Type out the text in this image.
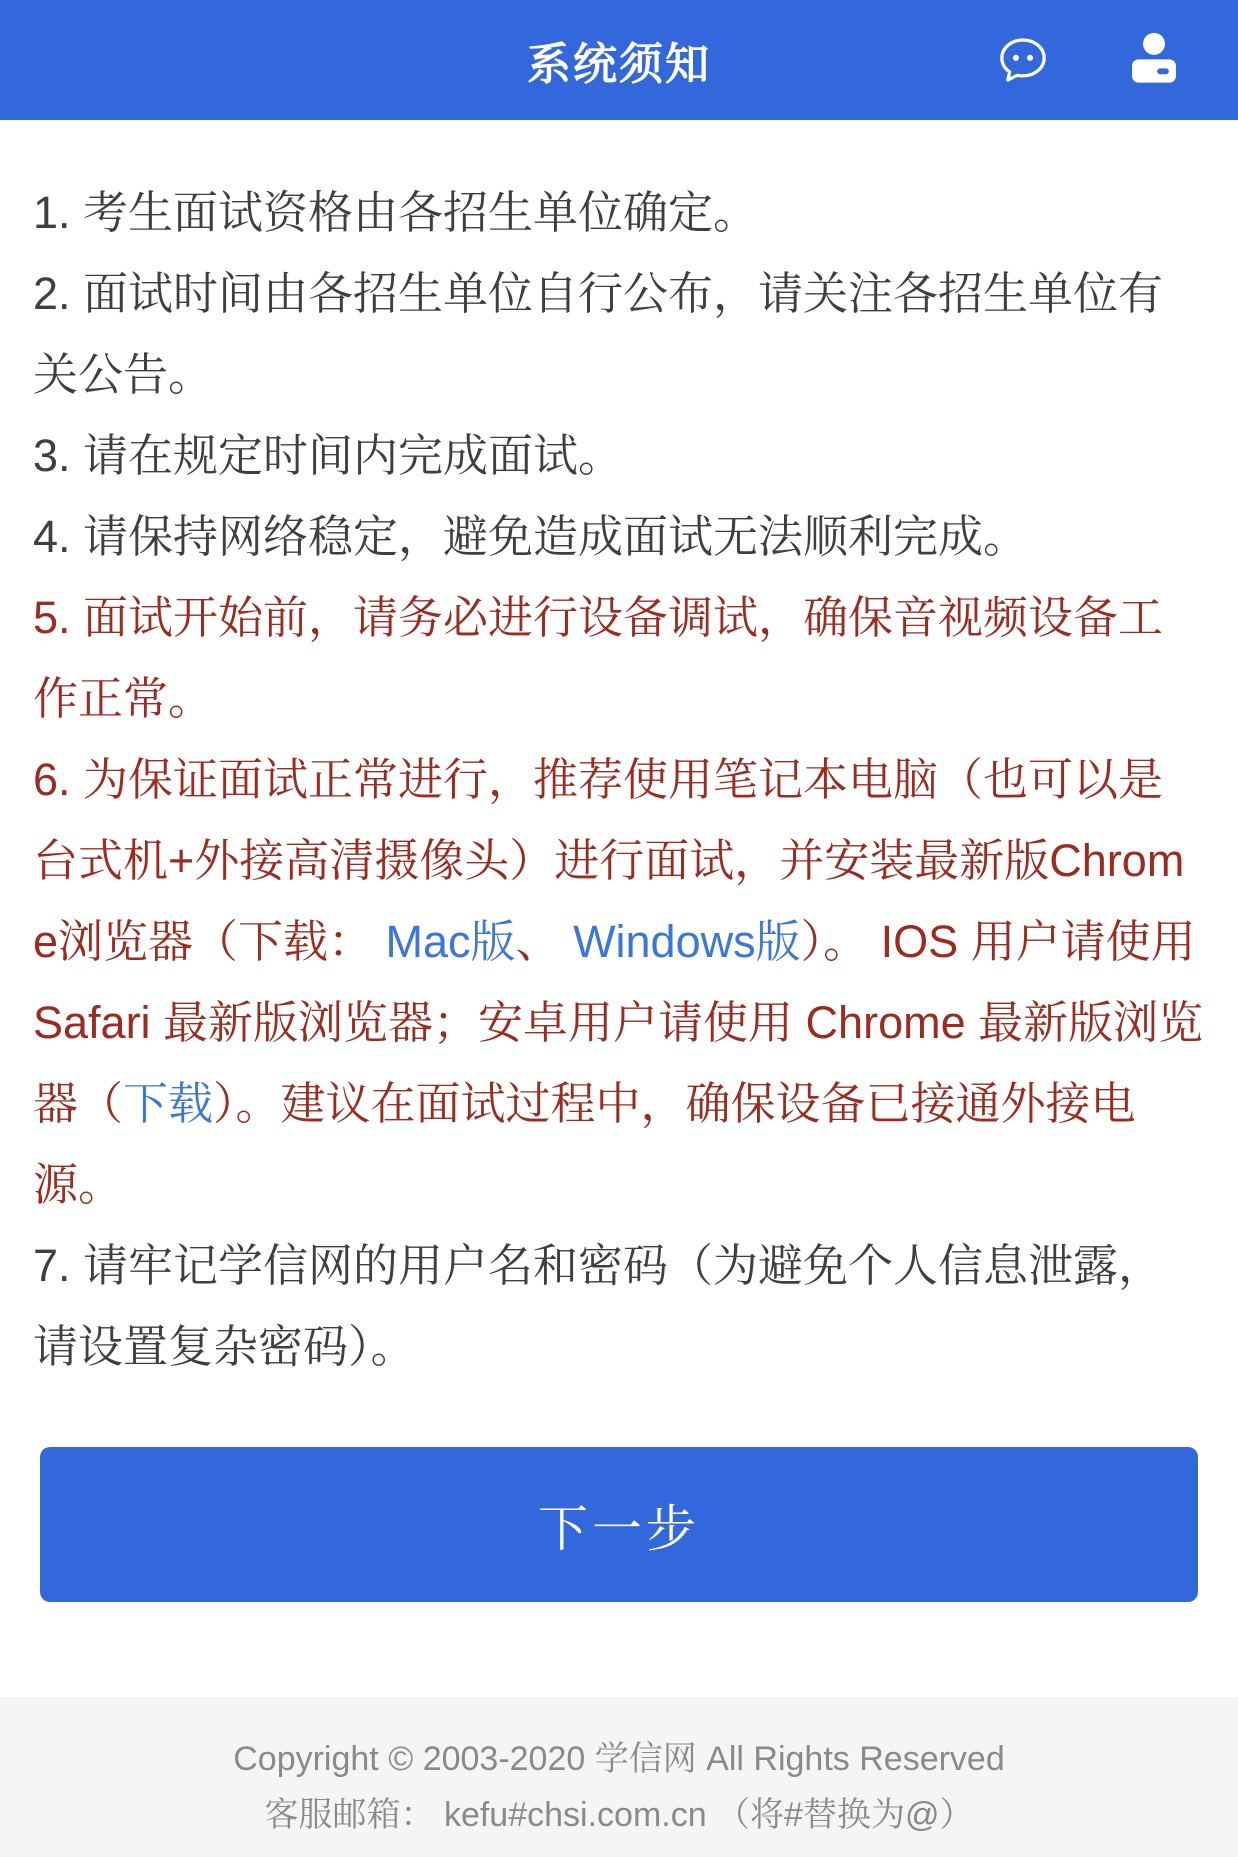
系统须知

1. 考生面试资格由各招生单位确定。

2. 面试时间由各招生单位自行公布，请关注各招生单位有关公告。

3. 请在规定时间内完成面试。

4. 请保持网络稳定，避免造成面试无法顺利完成。

5. 面试开始前，请务必进行设备调试，确保音视频设备工作正常。

6. 为保证面试正常进行，推荐使用笔记本电脑（也可以是台式机+外接高清摄像头）进行面试，并安装最新版Chrome浏览器（下载： Mac版、 Windows版）。 IOS 用户请使用 Safari 最新版浏览器；安卓用户请使用 Chrome 最新版浏览器（下载）。建议在面试过程中，确保设备已接通外接电源。

7. 请牢记学信网的用户名和密码（为避免个人信息泄露，请设置复杂密码）。

下一步
Copyright © 2003-2020 学信网 All Rights Reserved
客服邮箱： kefu#chsi.com.cn （将#替换为@）
